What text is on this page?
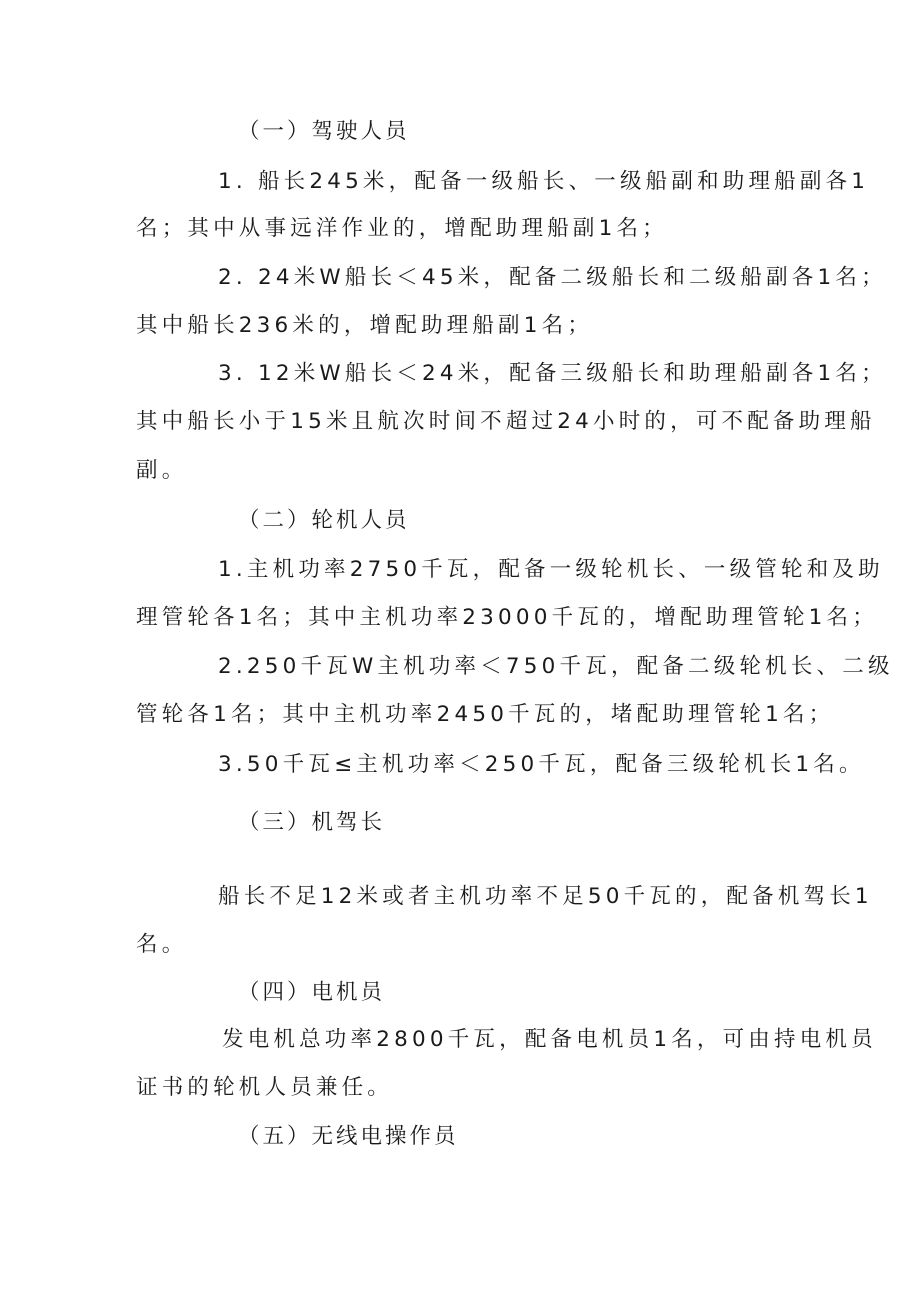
（一）驾驶人员
1. 船长245米，配备一级船长、一级船副和助理船副各1
名；其中从事远洋作业的，增配助理船副1名；
2. 24米W船长＜45米，配备二级船长和二级船副各1名；
其中船长236米的，增配助理船副1名；
3. 12米W船长＜24米，配备三级船长和助理船副各1名；
其中船长小于15米且航次时间不超过24小时的，可不配备助理船
副。
（二）轮机人员
1.主机功率2750千瓦，配备一级轮机长、一级管轮和及助
理管轮各1名；其中主机功率23000千瓦的，增配助理管轮1名；
2.250千瓦W主机功率＜750千瓦，配备二级轮机长、二级
管轮各1名；其中主机功率2450千瓦的，堵配助理管轮1名；
3.50千瓦≤主机功率＜250千瓦，配备三级轮机长1名。
（三）机驾长
船长不足12米或者主机功率不足50千瓦的，配备机驾长1
名。
（四）电机员
发电机总功率2800千瓦，配备电机员1名，可由持电机员
证书的轮机人员兼任。
（五）无线电操作员
